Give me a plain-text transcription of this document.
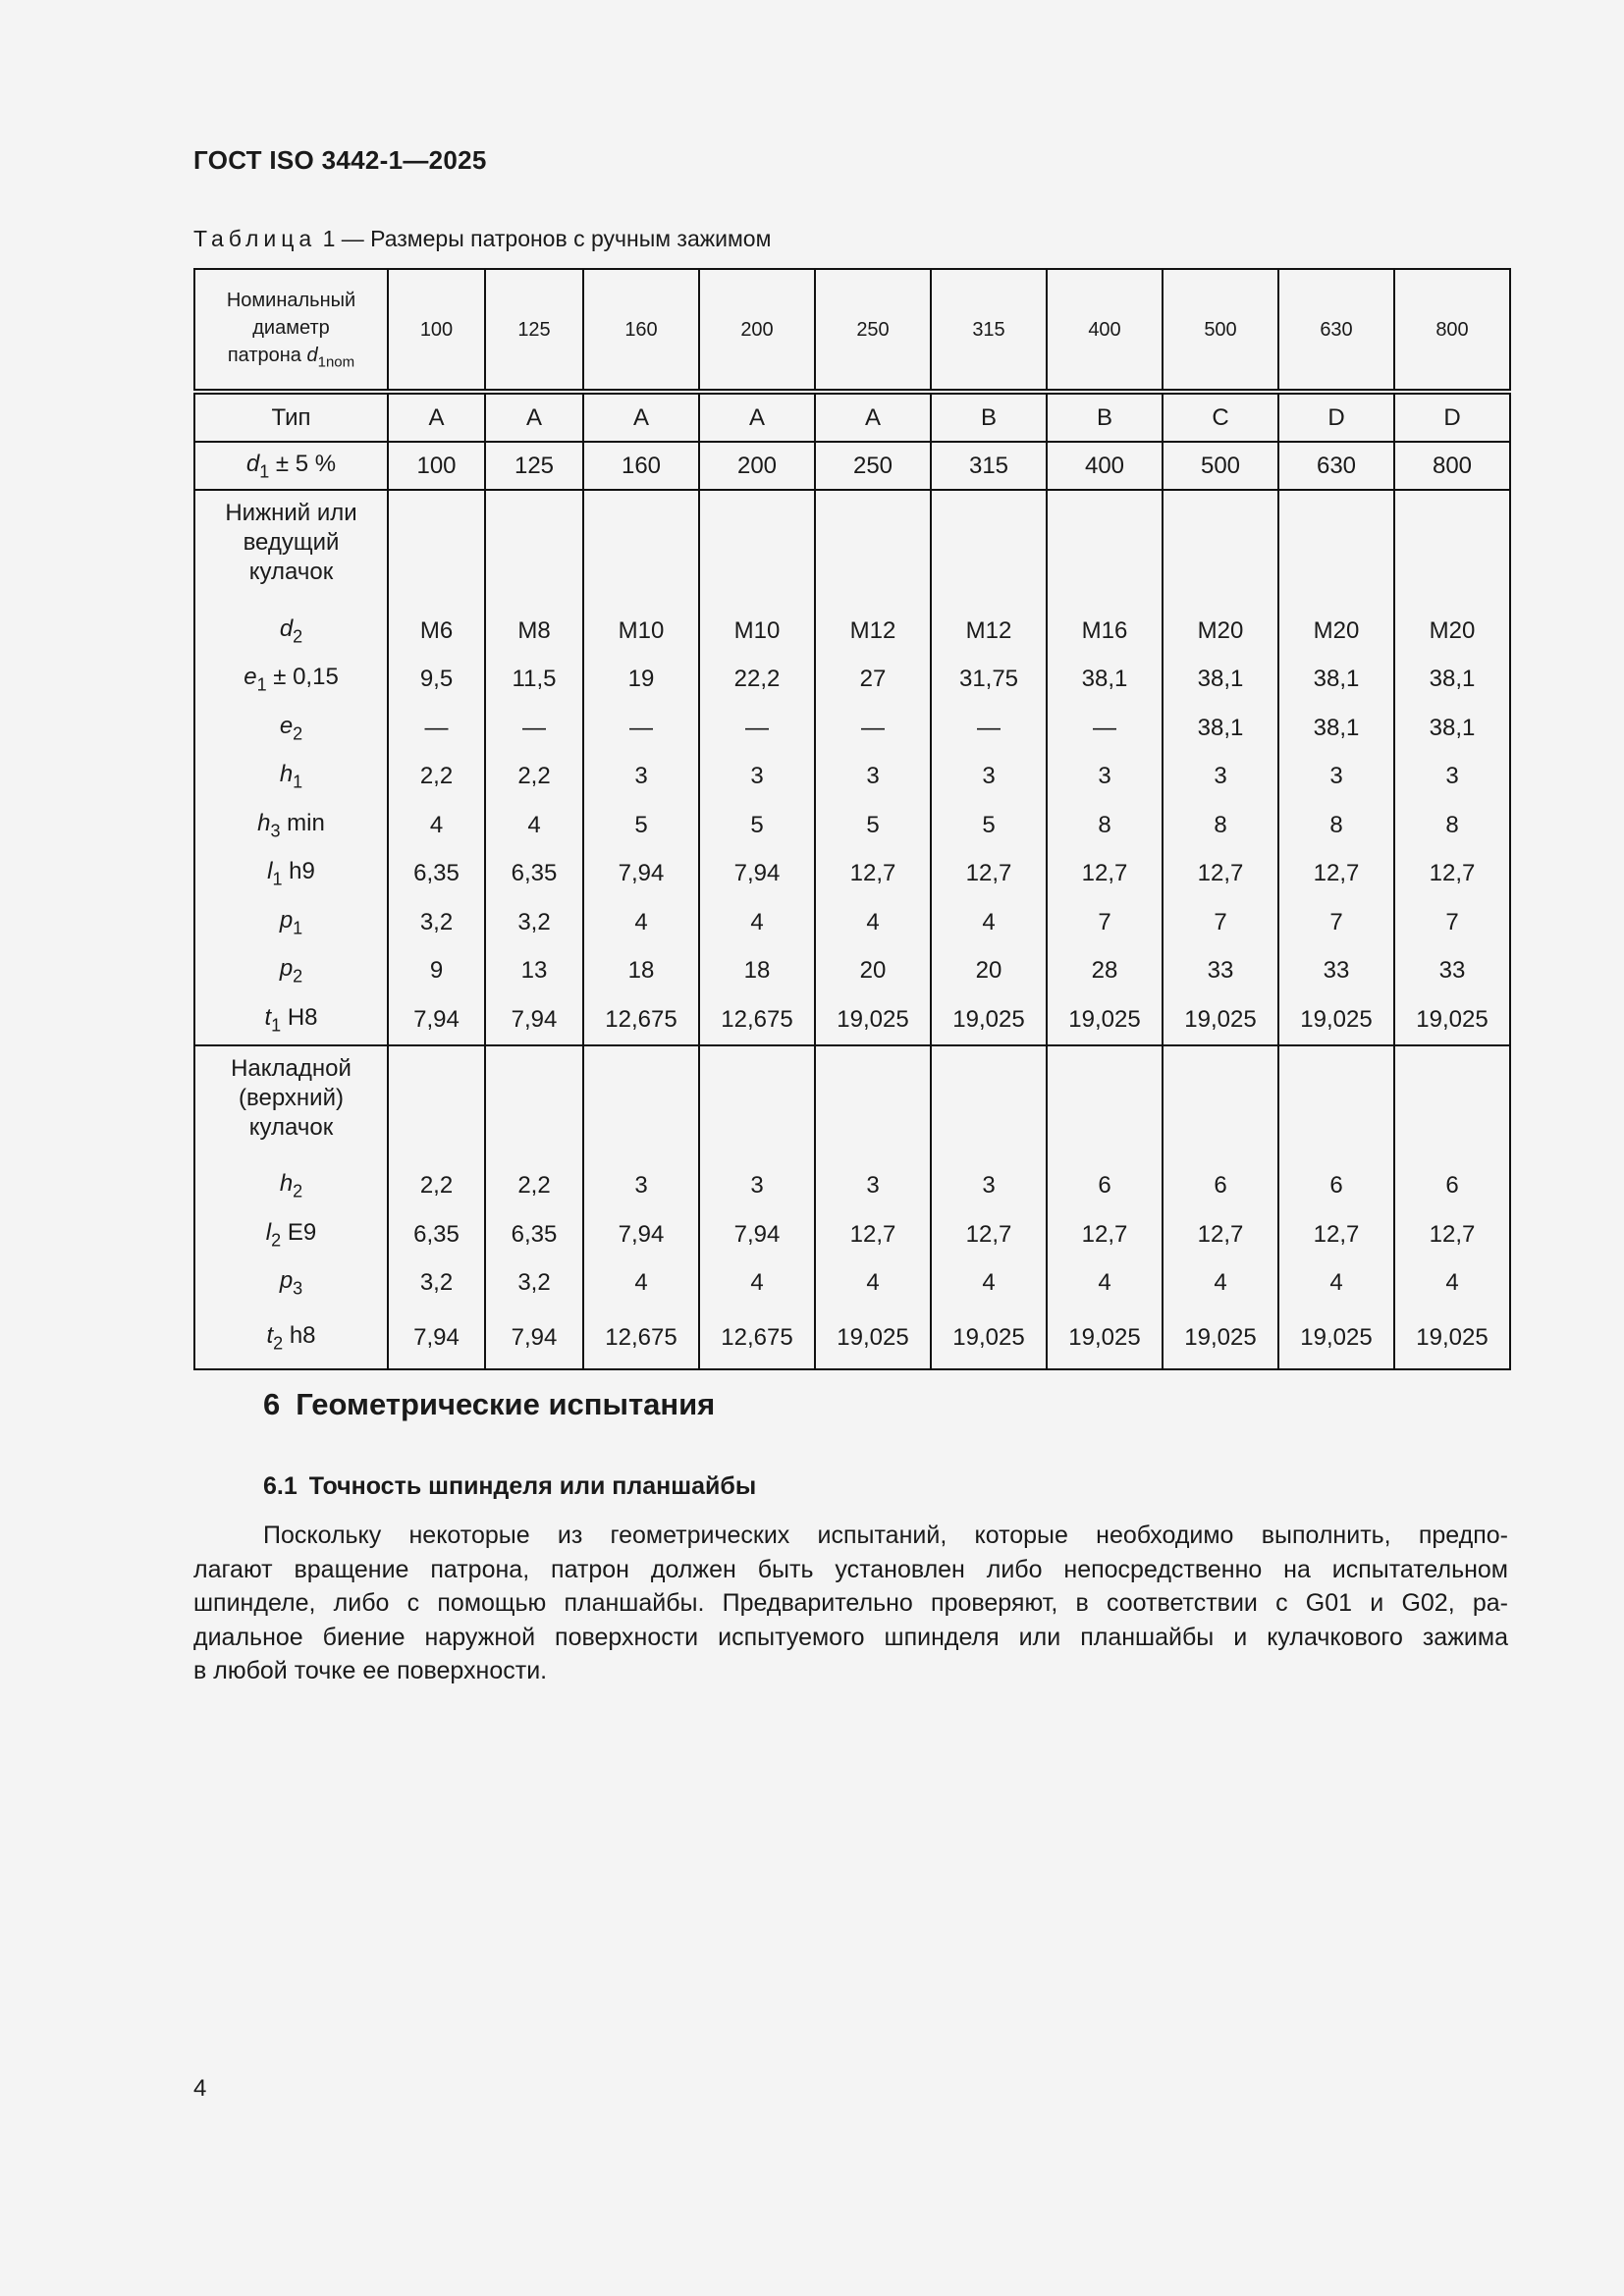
ГОСТ ISO 3442-1—2025
Таблица 1 — Размеры патронов с ручным зажимом
Номинальный
диаметр
патрона $d_{1nom}$	100	125	160	200	250	315	400	500	630	800
Тип	A	A	A	A	A	B	B	C	D	D
$d_1 \pm 5$ %	100	125	160	200	250	315	400	500	630	800
Нижний или
ведущий
кулачок										
$d_2$	M6	M8	M10	M10	M12	M12	M16	M20	M20	M20
$e_1 \pm 0,15$	9,5	11,5	19	22,2	27	31,75	38,1	38,1	38,1	38,1
$e_2$	—	—	—	—	—	—	—	38,1	38,1	38,1
$h_1$	2,2	2,2	3	3	3	3	3	3	3	3
$h_3$ min	4	4	5	5	5	5	8	8	8	8
$l_1$ h9	6,35	6,35	7,94	7,94	12,7	12,7	12,7	12,7	12,7	12,7
$p_1$	3,2	3,2	4	4	4	4	7	7	7	7
$p_2$	9	13	18	18	20	20	28	33	33	33
$t_1$ H8	7,94	7,94	12,675	12,675	19,025	19,025	19,025	19,025	19,025	19,025
Накладной
(верхний)
кулачок										
$h_2$	2,2	2,2	3	3	3	3	6	6	6	6
$l_2$ E9	6,35	6,35	7,94	7,94	12,7	12,7	12,7	12,7	12,7	12,7
$p_3$	3,2	3,2	4	4	4	4	4	4	4	4
$t_2$ h8	7,94	7,94	12,675	12,675	19,025	19,025	19,025	19,025	19,025	19,025
6 Геометрические испытания
6.1 Точность шпинделя или планшайбы
Поскольку некоторые из геометрических испытаний, которые необходимо выполнить, предпо-
лагают вращение патрона, патрон должен быть установлен либо непосредственно на испытательном
шпинделе, либо с помощью планшайбы. Предварительно проверяют, в соответствии с G01 и G02, ра-
диальное биение наружной поверхности испытуемого шпинделя или планшайбы и кулачкового зажима
в любой точке ее поверхности.
4
